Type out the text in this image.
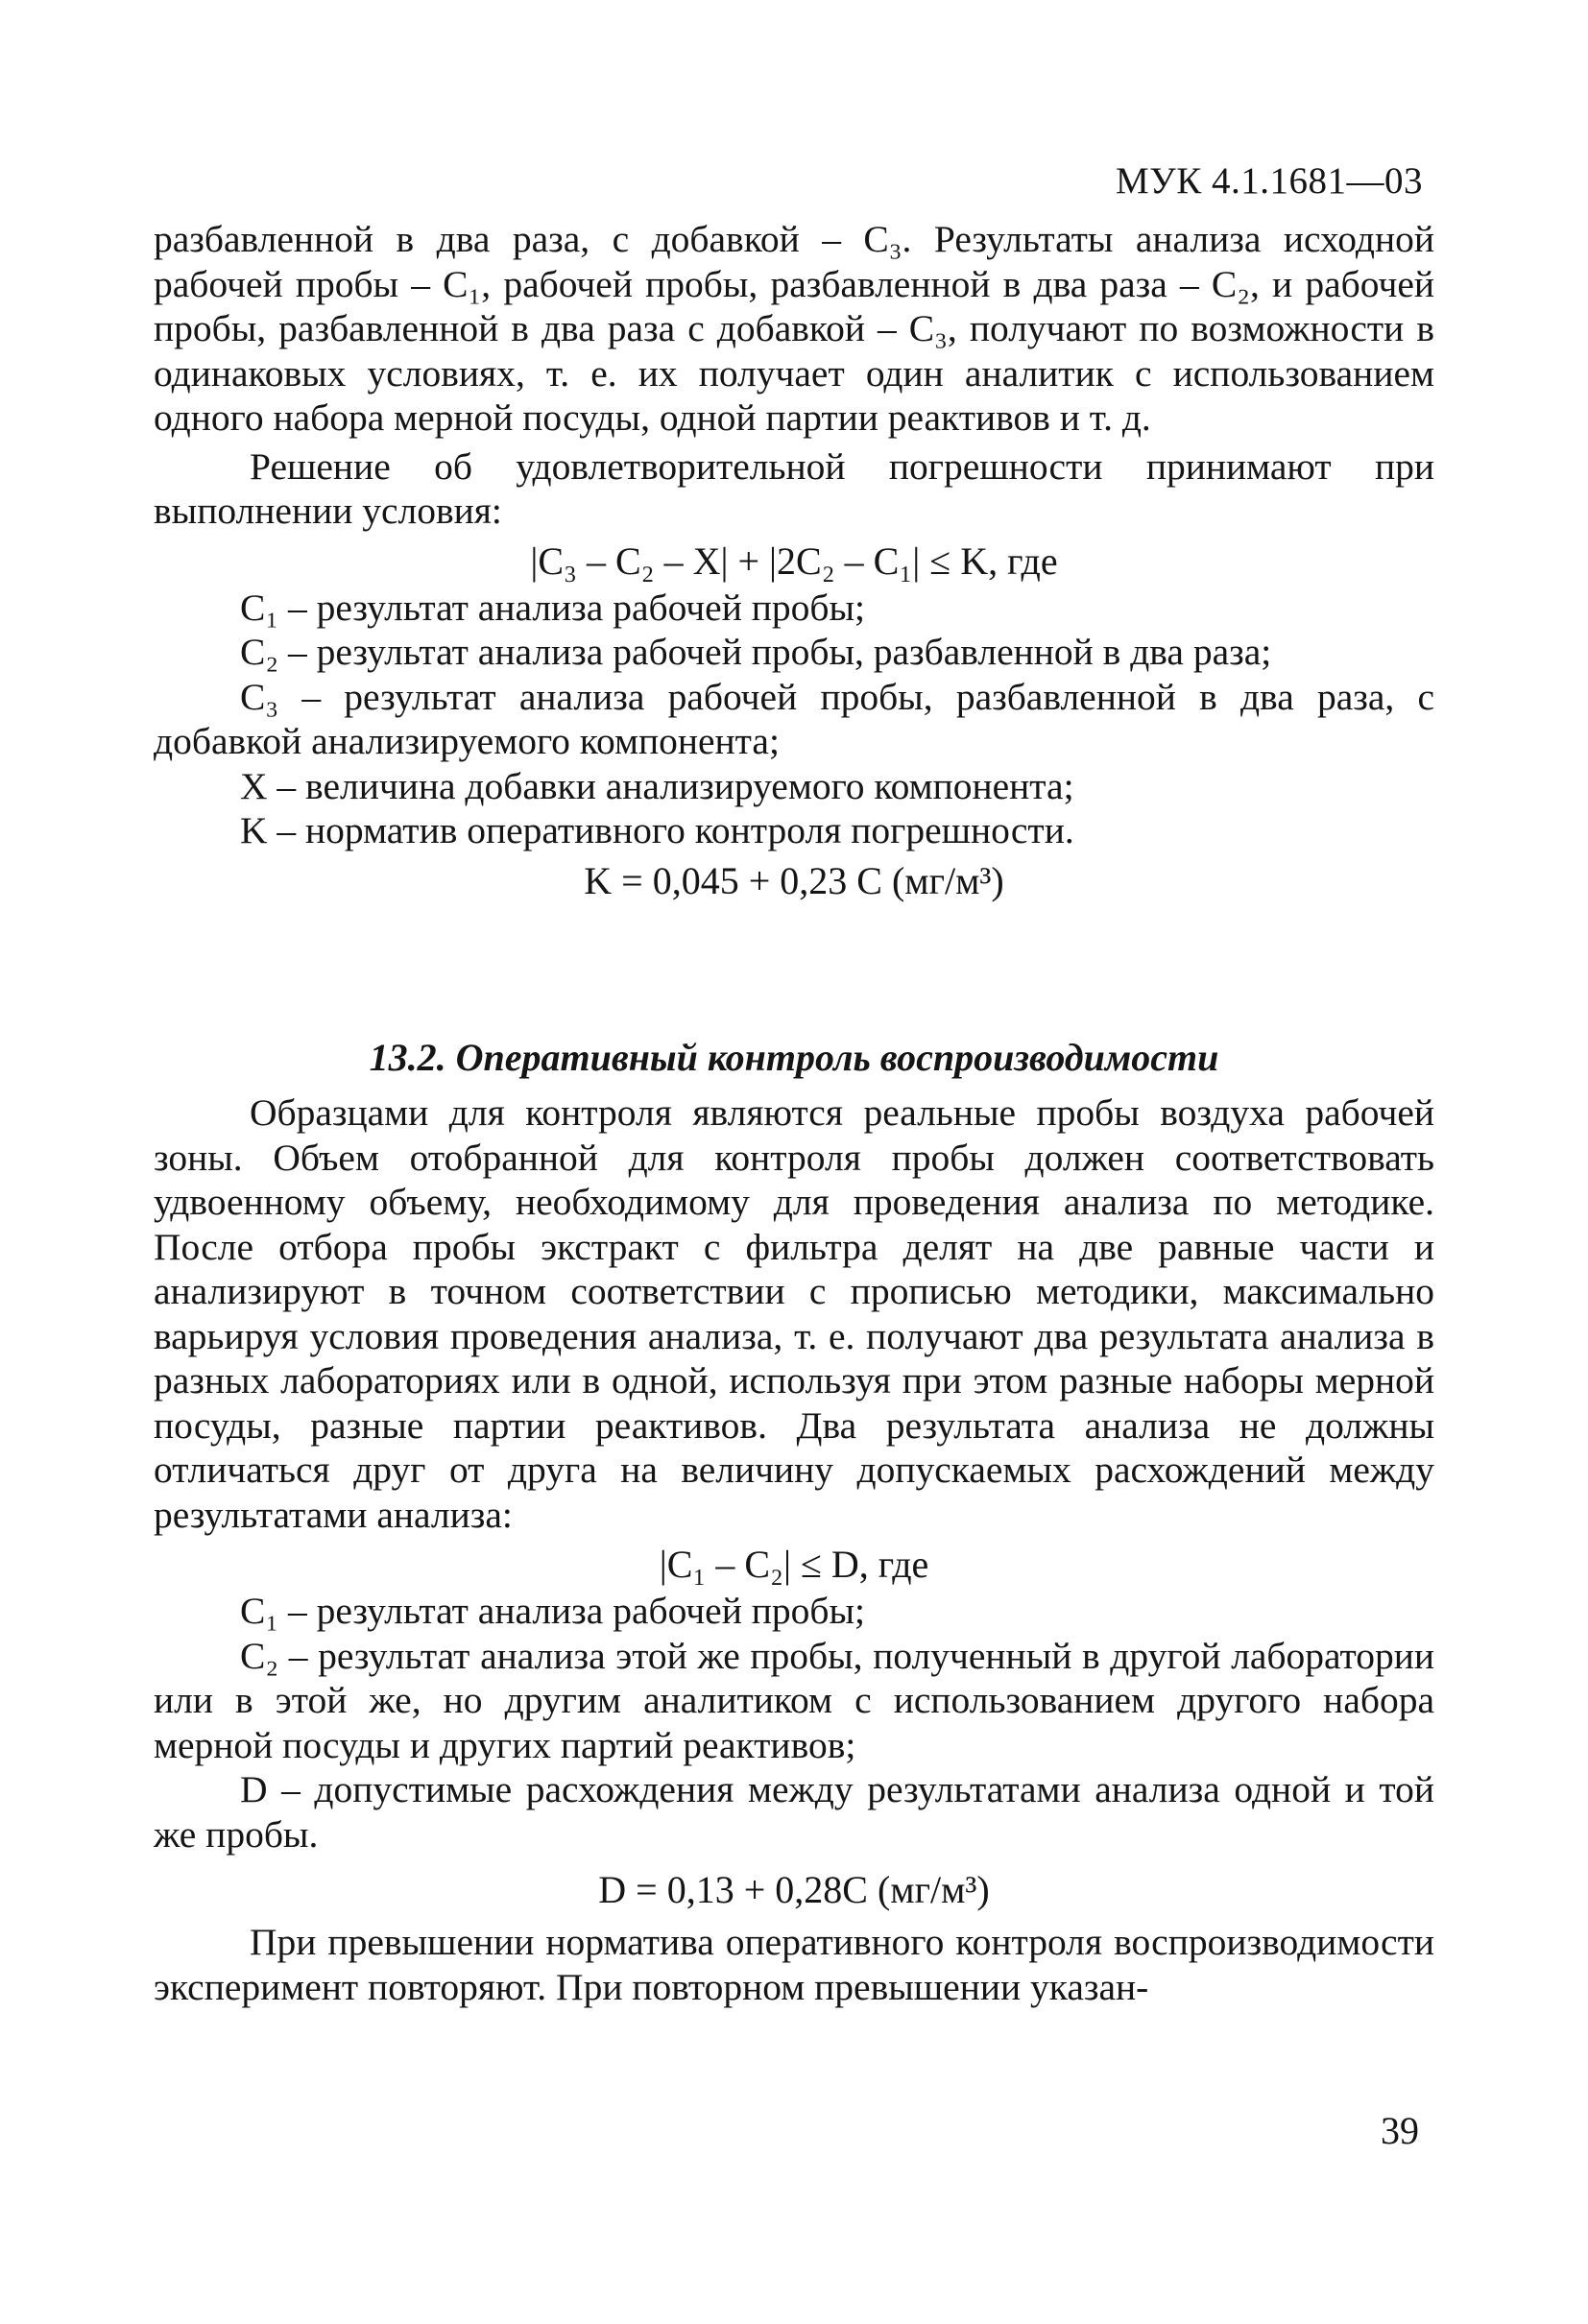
МУК 4.1.1681—03

разбавленной в два раза, с добавкой – C₃. Результаты анализа исходной рабочей пробы – C₁, рабочей пробы, разбавленной в два раза – C₂, и рабочей пробы, разбавленной в два раза с добавкой – C₃, получают по возможности в одинаковых условиях, т. е. их получает один аналитик с использованием одного набора мерной посуды, одной партии реактивов и т. д.

Решение об удовлетворительной погрешности принимают при выполнении условия:

|C₃ – C₂ – X| + |2C₂ – C₁| ≤ K, где

C₁ – результат анализа рабочей пробы;

C₂ – результат анализа рабочей пробы, разбавленной в два раза;

C₃ – результат анализа рабочей пробы, разбавленной в два раза, с добавкой анализируемого компонента;

X – величина добавки анализируемого компонента;

K – норматив оперативного контроля погрешности.

K = 0,045 + 0,23 C (мг/м³)

13.2. Оперативный контроль воспроизводимости

Образцами для контроля являются реальные пробы воздуха рабочей зоны. Объем отобранной для контроля пробы должен соответствовать удвоенному объему, необходимому для проведения анализа по методике. После отбора пробы экстракт с фильтра делят на две равные части и анализируют в точном соответствии с прописью методики, максимально варьируя условия проведения анализа, т. е. получают два результата анализа в разных лабораториях или в одной, используя при этом разные наборы мерной посуды, разные партии реактивов. Два результата анализа не должны отличаться друг от друга на величину допускаемых расхождений между результатами анализа:

|C₁ – C₂| ≤ D, где

C₁ – результат анализа рабочей пробы;

C₂ – результат анализа этой же пробы, полученный в другой лаборатории или в этой же, но другим аналитиком с использованием другого набора мерной посуды и других партий реактивов;

D – допустимые расхождения между результатами анализа одной и той же пробы.

D = 0,13 + 0,28C (мг/м³)

При превышении норматива оперативного контроля воспроизводимости эксперимент повторяют. При повторном превышении указан-

39
